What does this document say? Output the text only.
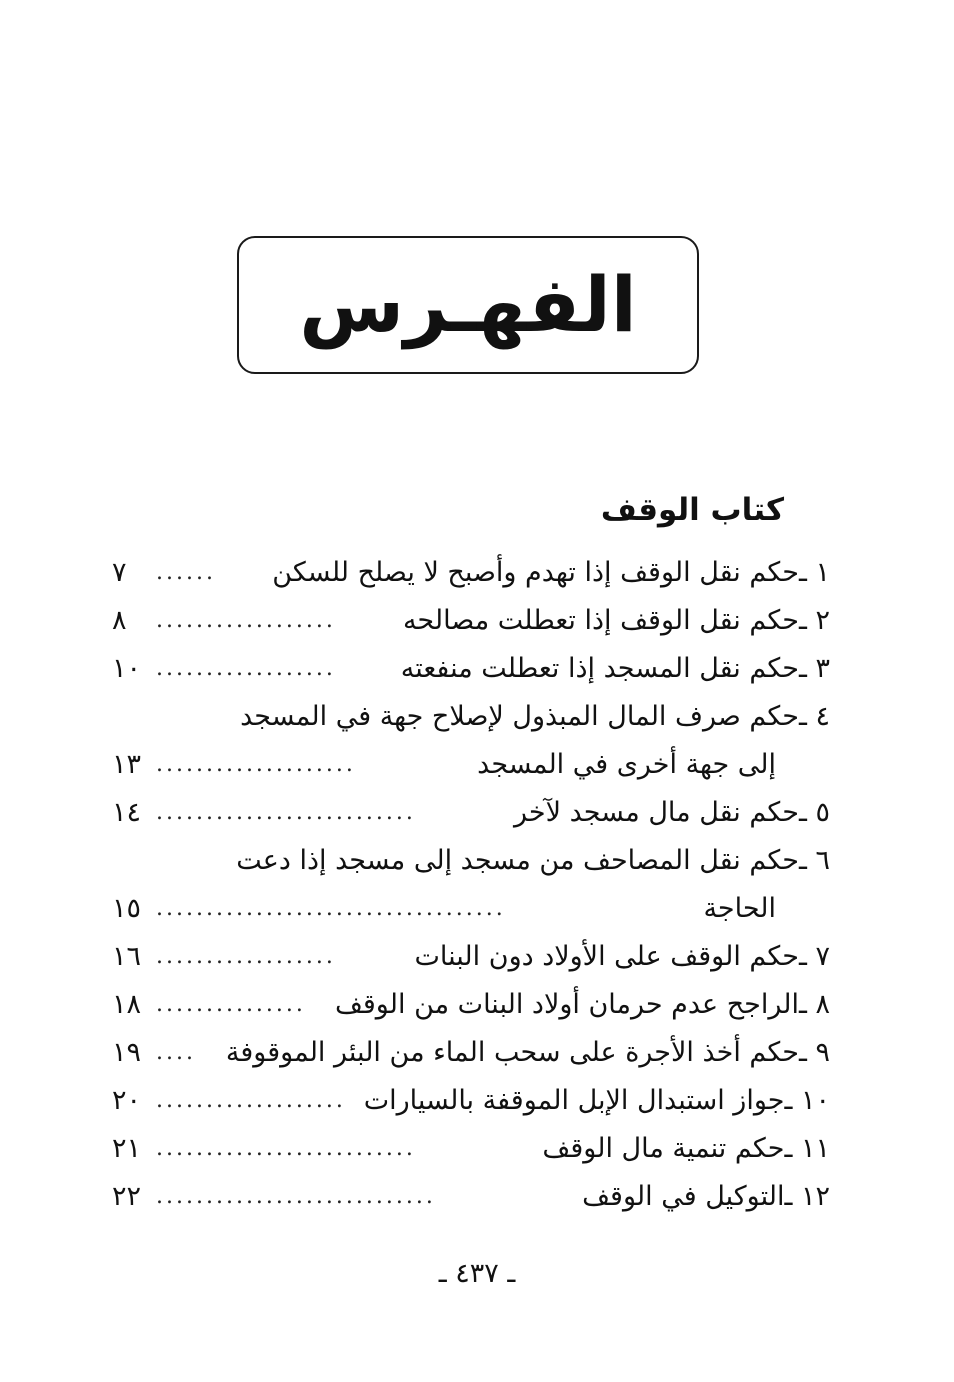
الفهـرس
كتاب الوقف
١ ـ
حكم نقل الوقف إذا تهدم وأصبح لا يصلح للسكن
......
٧
٢ ـ
حكم نقل الوقف إذا تعطلت مصالحه
..................
٨
٣ ـ
حكم نقل المسجد إذا تعطلت منفعته
..................
١٠
٤ ـ
حكم صرف المال المبذول لإصلاح جهة في المسجد
إلى جهة أخرى في المسجد
....................
١٣
٥ ـ
حكم نقل مال مسجد لآخر
..........................
١٤
٦ ـ
حكم نقل المصاحف من مسجد إلى مسجد إذا دعت
الحاجة
...................................
١٥
٧ ـ
حكم الوقف على الأولاد دون البنات
..................
١٦
٨ ـ
الراجح عدم حرمان أولاد البنات من الوقف
...............
١٨
٩ ـ
حكم أخذ الأجرة على سحب الماء من البئر الموقوفة
....
١٩
١٠ ـ
جواز استبدال الإبل الموقفة بالسيارات
...................
٢٠
١١ ـ
حكم تنمية مال الوقف
..........................
٢١
١٢ ـ
التوكيل في الوقف
............................
٢٢
ـ ٤٣٧ ـ
